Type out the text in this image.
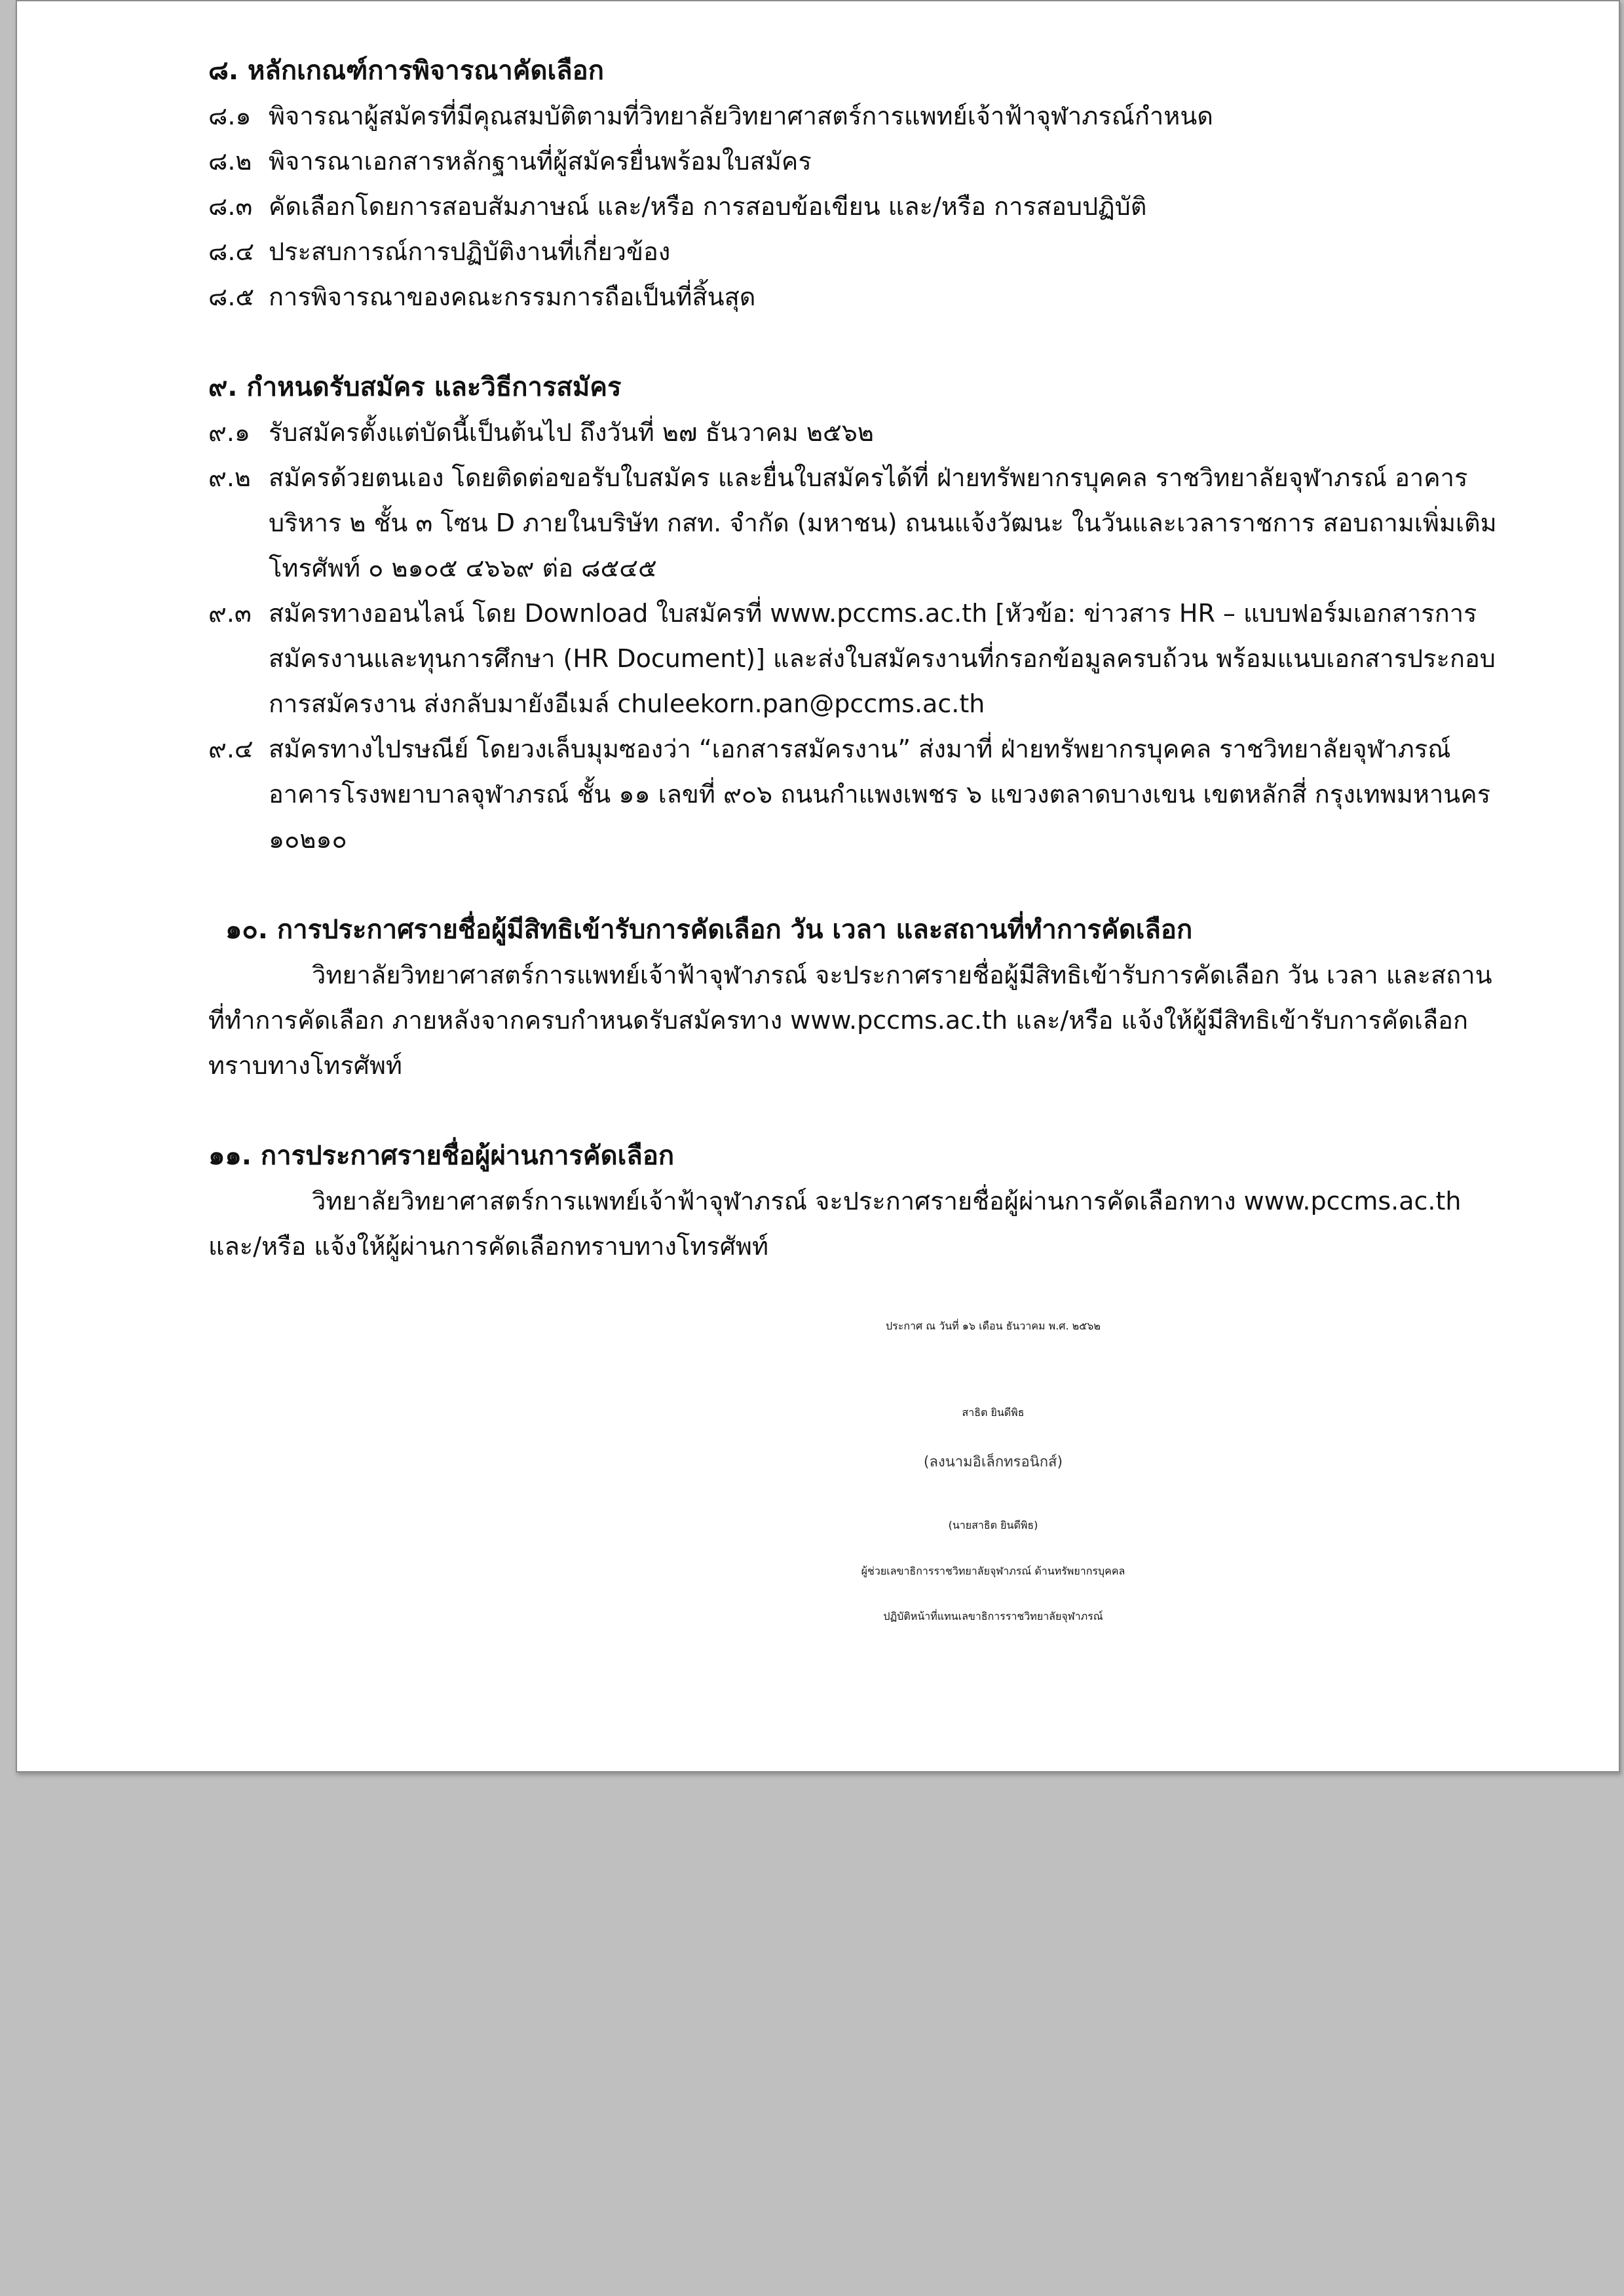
๘. หลักเกณฑ์การพิจารณาคัดเลือก

๘.๑ พิจารณาผู้สมัครที่มีคุณสมบัติตามที่วิทยาลัยวิทยาศาสตร์การแพทย์เจ้าฟ้าจุฬาภรณ์กำหนด

๘.๒ พิจารณาเอกสารหลักฐานที่ผู้สมัครยื่นพร้อมใบสมัคร

๘.๓ คัดเลือกโดยการสอบสัมภาษณ์ และ/หรือ การสอบข้อเขียน และ/หรือ การสอบปฏิบัติ

๘.๔ ประสบการณ์การปฏิบัติงานที่เกี่ยวข้อง

๘.๕ การพิจารณาของคณะกรรมการถือเป็นที่สิ้นสุด

๙. กำหนดรับสมัคร และวิธีการสมัคร

๙.๑ รับสมัครตั้งแต่บัดนี้เป็นต้นไป ถึงวันที่ ๒๗ ธันวาคม ๒๕๖๒

๙.๒ สมัครด้วยตนเอง โดยติดต่อขอรับใบสมัคร และยื่นใบสมัครได้ที่ ฝ่ายทรัพยากรบุคคล ราชวิทยาลัยจุฬาภรณ์ อาคารบริหาร ๒ ชั้น ๓ โซน D ภายในบริษัท กสท. จำกัด (มหาชน) ถนนแจ้งวัฒนะ ในวันและเวลาราชการ สอบถามเพิ่มเติม โทรศัพท์ ๐ ๒๑๐๕ ๔๖๖๙ ต่อ ๘๕๔๕

๙.๓ สมัครทางออนไลน์ โดย Download ใบสมัครที่ www.pccms.ac.th [หัวข้อ: ข่าวสาร HR – แบบฟอร์มเอกสารการสมัครงานและทุนการศึกษา (HR Document)] และส่งใบสมัครงานที่กรอกข้อมูลครบถ้วน พร้อมแนบเอกสารประกอบการสมัครงาน ส่งกลับมายังอีเมล์ chuleekorn.pan@pccms.ac.th

๙.๔ สมัครทางไปรษณีย์ โดยวงเล็บมุมซองว่า “เอกสารสมัครงาน” ส่งมาที่ ฝ่ายทรัพยากรบุคคล ราชวิทยาลัยจุฬาภรณ์ อาคารโรงพยาบาลจุฬาภรณ์ ชั้น ๑๑ เลขที่ ๙๐๖ ถนนกำแพงเพชร ๖ แขวงตลาดบางเขน เขตหลักสี่ กรุงเทพมหานคร ๑๐๒๑๐

๑๐. การประกาศรายชื่อผู้มีสิทธิเข้ารับการคัดเลือก วัน เวลา และสถานที่ทำการคัดเลือก

วิทยาลัยวิทยาศาสตร์การแพทย์เจ้าฟ้าจุฬาภรณ์ จะประกาศรายชื่อผู้มีสิทธิเข้ารับการคัดเลือก วัน เวลา และสถานที่ทำการคัดเลือก ภายหลังจากครบกำหนดรับสมัครทาง www.pccms.ac.th และ/หรือ แจ้งให้ผู้มีสิทธิเข้ารับการคัดเลือกทราบทางโทรศัพท์

๑๑. การประกาศรายชื่อผู้ผ่านการคัดเลือก

วิทยาลัยวิทยาศาสตร์การแพทย์เจ้าฟ้าจุฬาภรณ์ จะประกาศรายชื่อผู้ผ่านการคัดเลือกทาง www.pccms.ac.th และ/หรือ แจ้งให้ผู้ผ่านการคัดเลือกทราบทางโทรศัพท์

ประกาศ ณ วันที่ ๑๖ เดือน ธันวาคม พ.ศ. ๒๕๖๒
สาธิต ยินดีพิธ
(ลงนามอิเล็กทรอนิกส์)
(นายสาธิต ยินดีพิธ)
ผู้ช่วยเลขาธิการราชวิทยาลัยจุฬาภรณ์ ด้านทรัพยากรบุคคล
ปฏิบัติหน้าที่แทนเลขาธิการราชวิทยาลัยจุฬาภรณ์
